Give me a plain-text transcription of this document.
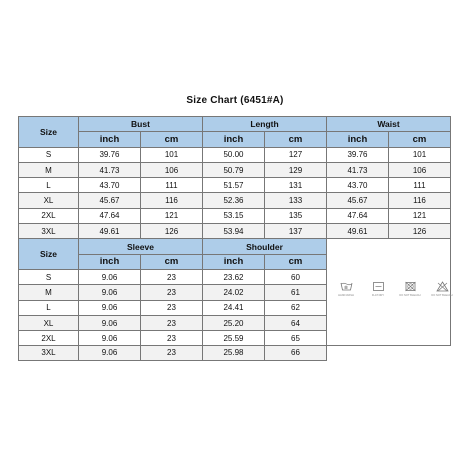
Size Chart (6451#A)
Size
Bust	Length	Waist
inch	cm	inch	cm	inch	cm
S	39.76	101	50.00	127	39.76	101
M	41.73	106	50.79	129	41.73	106
L	43.70	111	51.57	131	43.70	111
XL	45.67	116	52.36	133	45.67	116
2XL	47.64	121	53.15	135	47.64	121
3XL	49.61	126	53.94	137	49.61	126
Size
Sleeve	Shoulder
inch	cm	inch	cm
HAND WASH	FLAT DRY	DO NOT BLEACH	DO NOT BLEACH
S	9.06	23	23.62	60
M	9.06	23	24.02	61
L	9.06	23	24.41	62
XL	9.06	23	25.20	64
2XL	9.06	23	25.59	65
3XL	9.06	23	25.98	66
